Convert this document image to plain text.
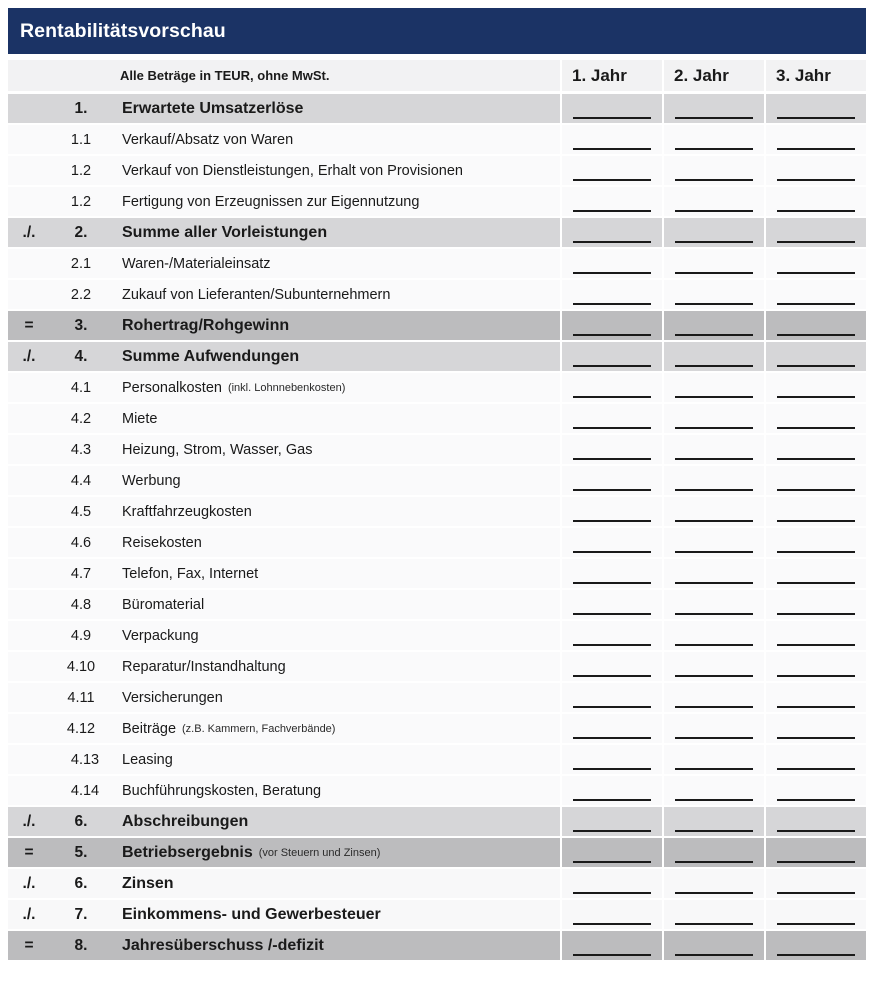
Rentabilitätsvorschau
Alle Beträge in TEUR, ohne MwSt.	1. Jahr	2. Jahr	3. Jahr
1.	Erwartete Umsatzerlöse
1.1	Verkauf/Absatz von Waren
1.2	Verkauf von Dienstleistungen, Erhalt von Provisionen
1.2	Fertigung von Erzeugnissen zur Eigennutzung
./.	2.	Summe aller Vorleistungen
2.1	Waren-/Materialeinsatz
2.2	Zukauf von Lieferanten/Subunternehmern
=	3.	Rohertrag/Rohgewinn
./.	4.	Summe Aufwendungen
4.1	Personalkosten (inkl. Lohnnebenkosten)
4.2	Miete
4.3	Heizung, Strom, Wasser, Gas
4.4	Werbung
4.5	Kraftfahrzeugkosten
4.6	Reisekosten
4.7	Telefon, Fax, Internet
4.8	Büromaterial
4.9	Verpackung
4.10	Reparatur/Instandhaltung
4.11	Versicherungen
4.12	Beiträge (z.B. Kammern, Fachverbände)
4.13	Leasing
4.14	Buchführungskosten, Beratung
./.	6.	Abschreibungen
=	5.	Betriebsergebnis (vor Steuern und Zinsen)
./.	6.	Zinsen
./.	7.	Einkommens- und Gewerbesteuer
=	8.	Jahresüberschuss /-defizit
